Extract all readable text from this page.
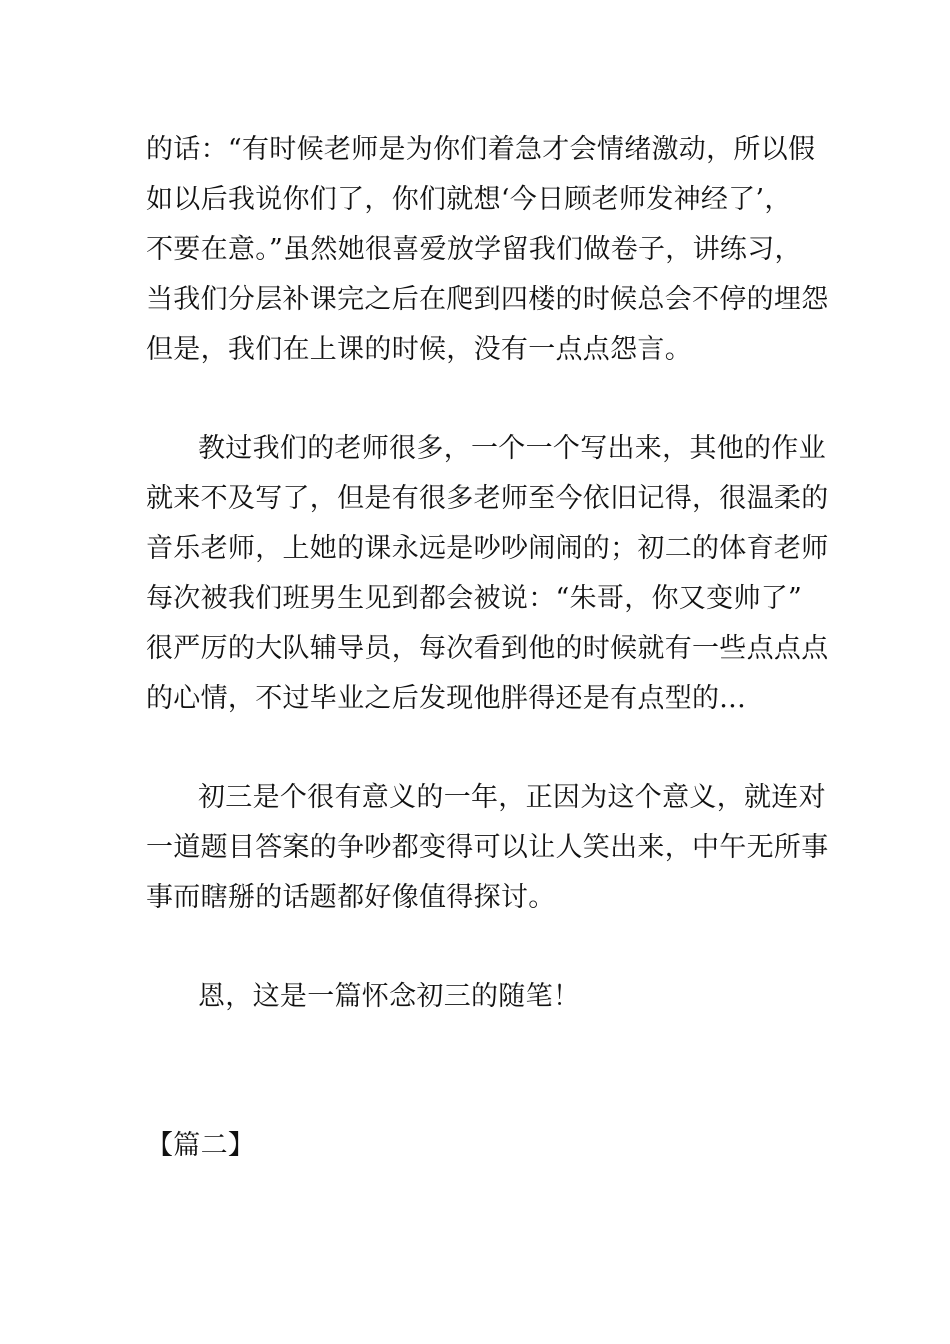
的话：“有时候老师是为你们着急才会情绪激动，所以假
如以后我说你们了，你们就想‘今日顾老师发神经了’，
不要在意。”虽然她很喜爱放学留我们做卷子，讲练习，
当我们分层补课完之后在爬到四楼的时候总会不停的埋怨
但是，我们在上课的时候，没有一点点怨言。
教过我们的老师很多，一个一个写出来，其他的作业
就来不及写了，但是有很多老师至今依旧记得，很温柔的
音乐老师，上她的课永远是吵吵闹闹的；初二的体育老师
每次被我们班男生见到都会被说：“朱哥，你又变帅了”
很严厉的大队辅导员，每次看到他的时候就有一些点点点
的心情，不过毕业之后发现他胖得还是有点型的...
初三是个很有意义的一年，正因为这个意义，就连对
一道题目答案的争吵都变得可以让人笑出来，中午无所事
事而瞎掰的话题都好像值得探讨。
恩，这是一篇怀念初三的随笔！
【篇二】
